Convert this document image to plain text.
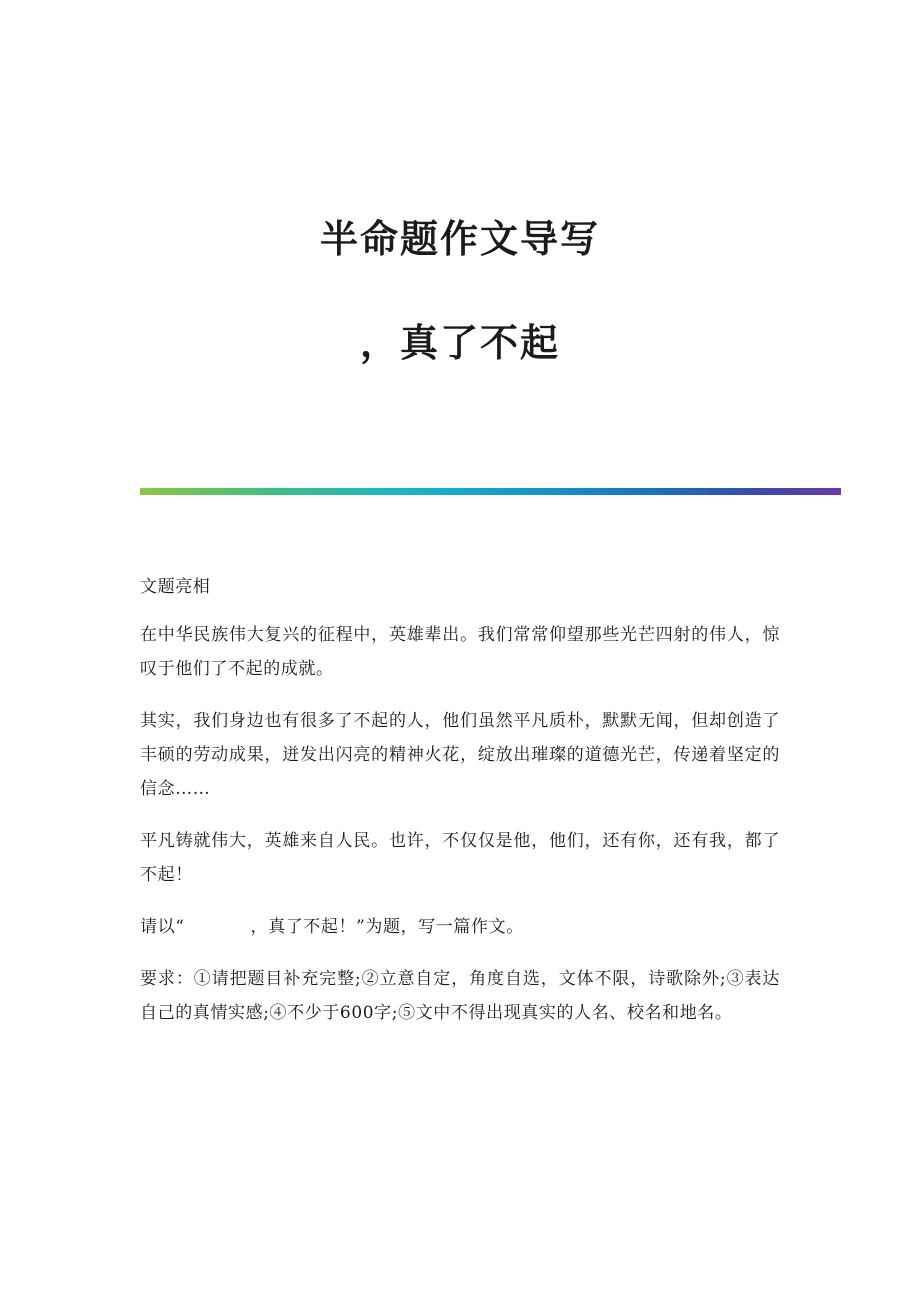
半命题作文导写
，真了不起

文题亮相

在中华民族伟大复兴的征程中，英雄辈出。我们常常仰望那些光芒四射的伟人，惊叹于他们了不起的成就。

其实，我们身边也有很多了不起的人，他们虽然平凡质朴，默默无闻，但却创造了丰硕的劳动成果，迸发出闪亮的精神火花，绽放出璀璨的道德光芒，传递着坚定的信念……

平凡铸就伟大，英雄来自人民。也许，不仅仅是他，他们，还有你，还有我，都了不起！

请以“	，真了不起！”为题，写一篇作文。

要求：①请把题目补充完整;②立意自定，角度自选，文体不限，诗歌除外;③表达自己的真情实感;④不少于600字;⑤文中不得出现真实的人名、校名和地名。
